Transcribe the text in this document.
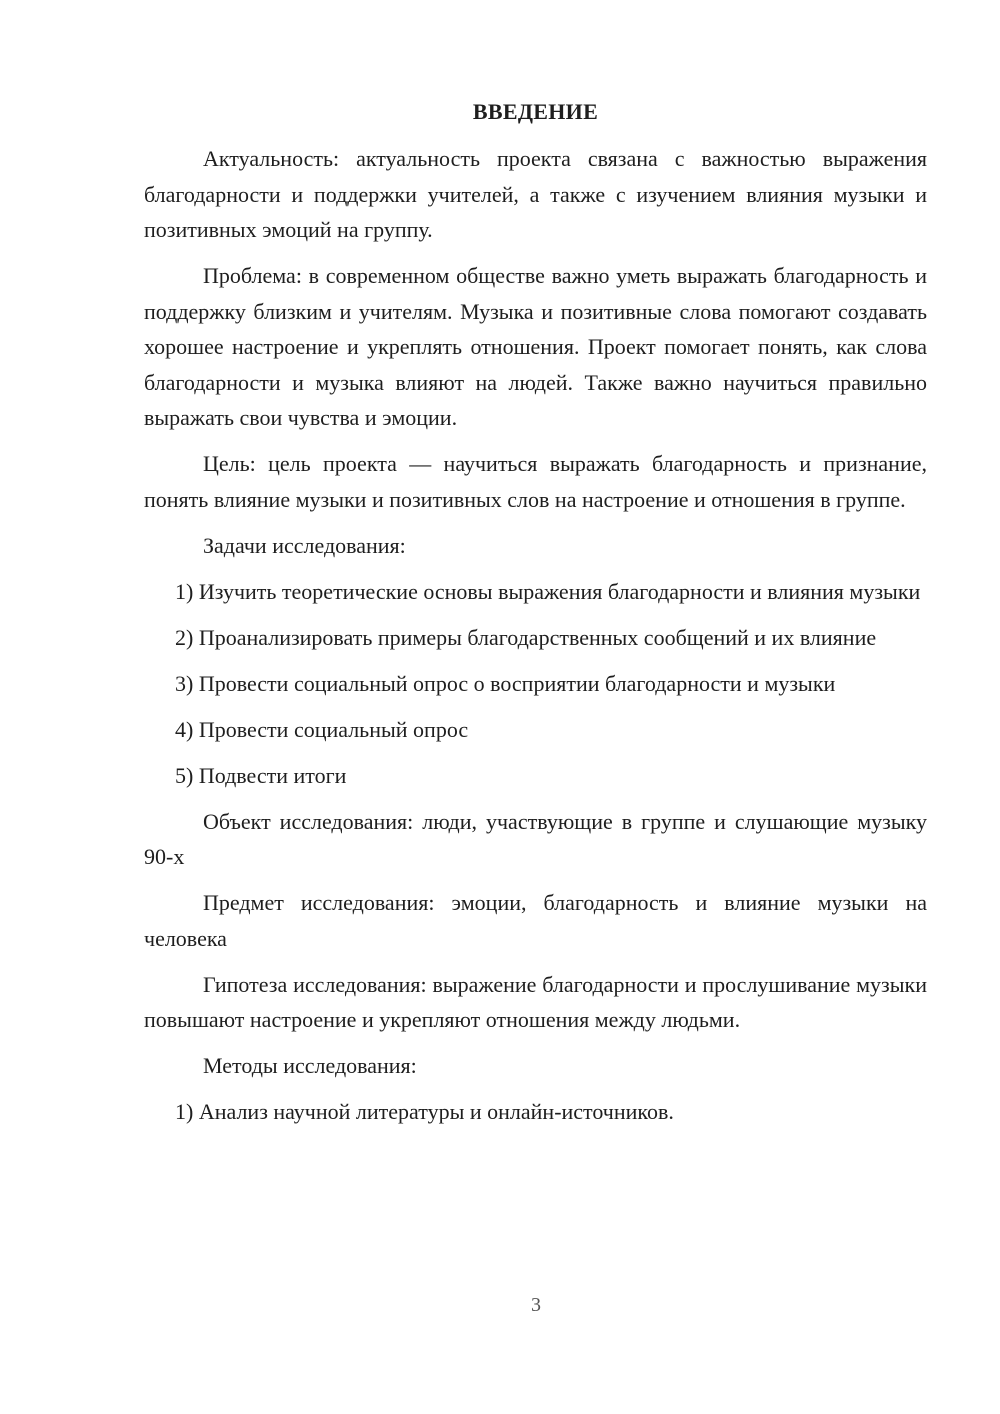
ВВЕДЕНИЕ

Актуальность: актуальность проекта связана с важностью выражения благодарности и поддержки учителей, а также с изучением влияния музыки и позитивных эмоций на группу.

Проблема: в современном обществе важно уметь выражать благодарность и поддержку близким и учителям. Музыка и позитивные слова помогают создавать хорошее настроение и укреплять отношения. Проект помогает понять, как слова благодарности и музыка влияют на людей. Также важно научиться правильно выражать свои чувства и эмоции.

Цель: цель проекта — научиться выражать благодарность и признание, понять влияние музыки и позитивных слов на настроение и отношения в группе.

Задачи исследования:

1) Изучить теоретические основы выражения благодарности и влияния музыки

2) Проанализировать примеры благодарственных сообщений и их влияние

3) Провести социальный опрос о восприятии благодарности и музыки

4) Провести социальный опрос

5) Подвести итоги

Объект исследования: люди, участвующие в группе и слушающие музыку 90-х

Предмет исследования: эмоции, благодарность и влияние музыки на человека

Гипотеза исследования: выражение благодарности и прослушивание музыки повышают настроение и укрепляют отношения между людьми.

Методы исследования:

1) Анализ научной литературы и онлайн-источников.

3
